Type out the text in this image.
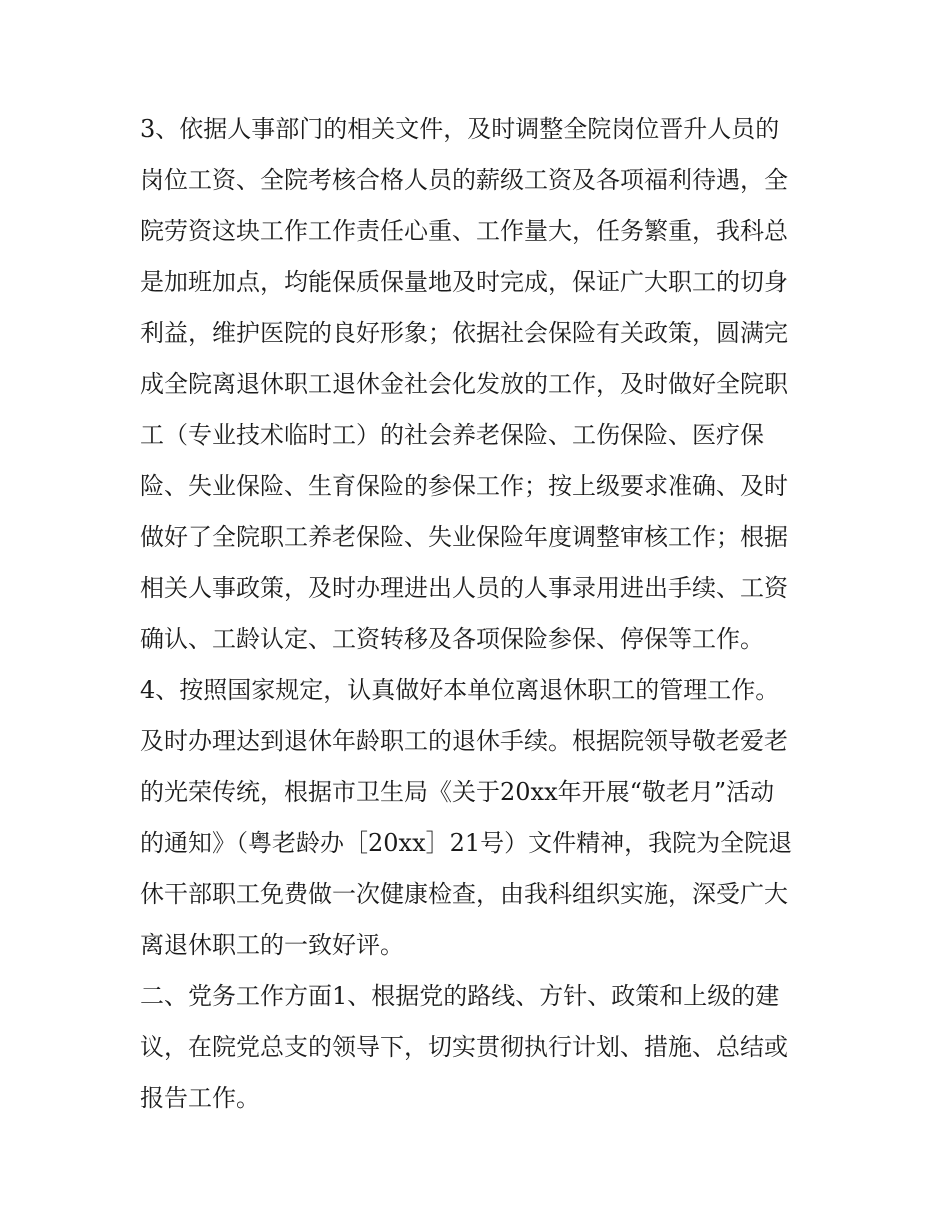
3、依据人事部门的相关文件，及时调整全院岗位晋升人员的
岗位工资、全院考核合格人员的薪级工资及各项福利待遇，全
院劳资这块工作工作责任心重、工作量大，任务繁重，我科总
是加班加点，均能保质保量地及时完成，保证广大职工的切身
利益，维护医院的良好形象；依据社会保险有关政策，圆满完
成全院离退休职工退休金社会化发放的工作，及时做好全院职
工（专业技术临时工）的社会养老保险、工伤保险、医疗保
险、失业保险、生育保险的参保工作；按上级要求准确、及时
做好了全院职工养老保险、失业保险年度调整审核工作；根据
相关人事政策，及时办理进出人员的人事录用进出手续、工资
确认、工龄认定、工资转移及各项保险参保、停保等工作。
4、按照国家规定，认真做好本单位离退休职工的管理工作。
及时办理达到退休年龄职工的退休手续。根据院领导敬老爱老
的光荣传统，根据市卫生局《关于20xx年开展“敬老月”活动
的通知》（粤老龄办［20xx］21号）文件精神，我院为全院退
休干部职工免费做一次健康检查，由我科组织实施，深受广大
离退休职工的一致好评。
二、党务工作方面1、根据党的路线、方针、政策和上级的建
议，在院党总支的领导下，切实贯彻执行计划、措施、总结或
报告工作。
